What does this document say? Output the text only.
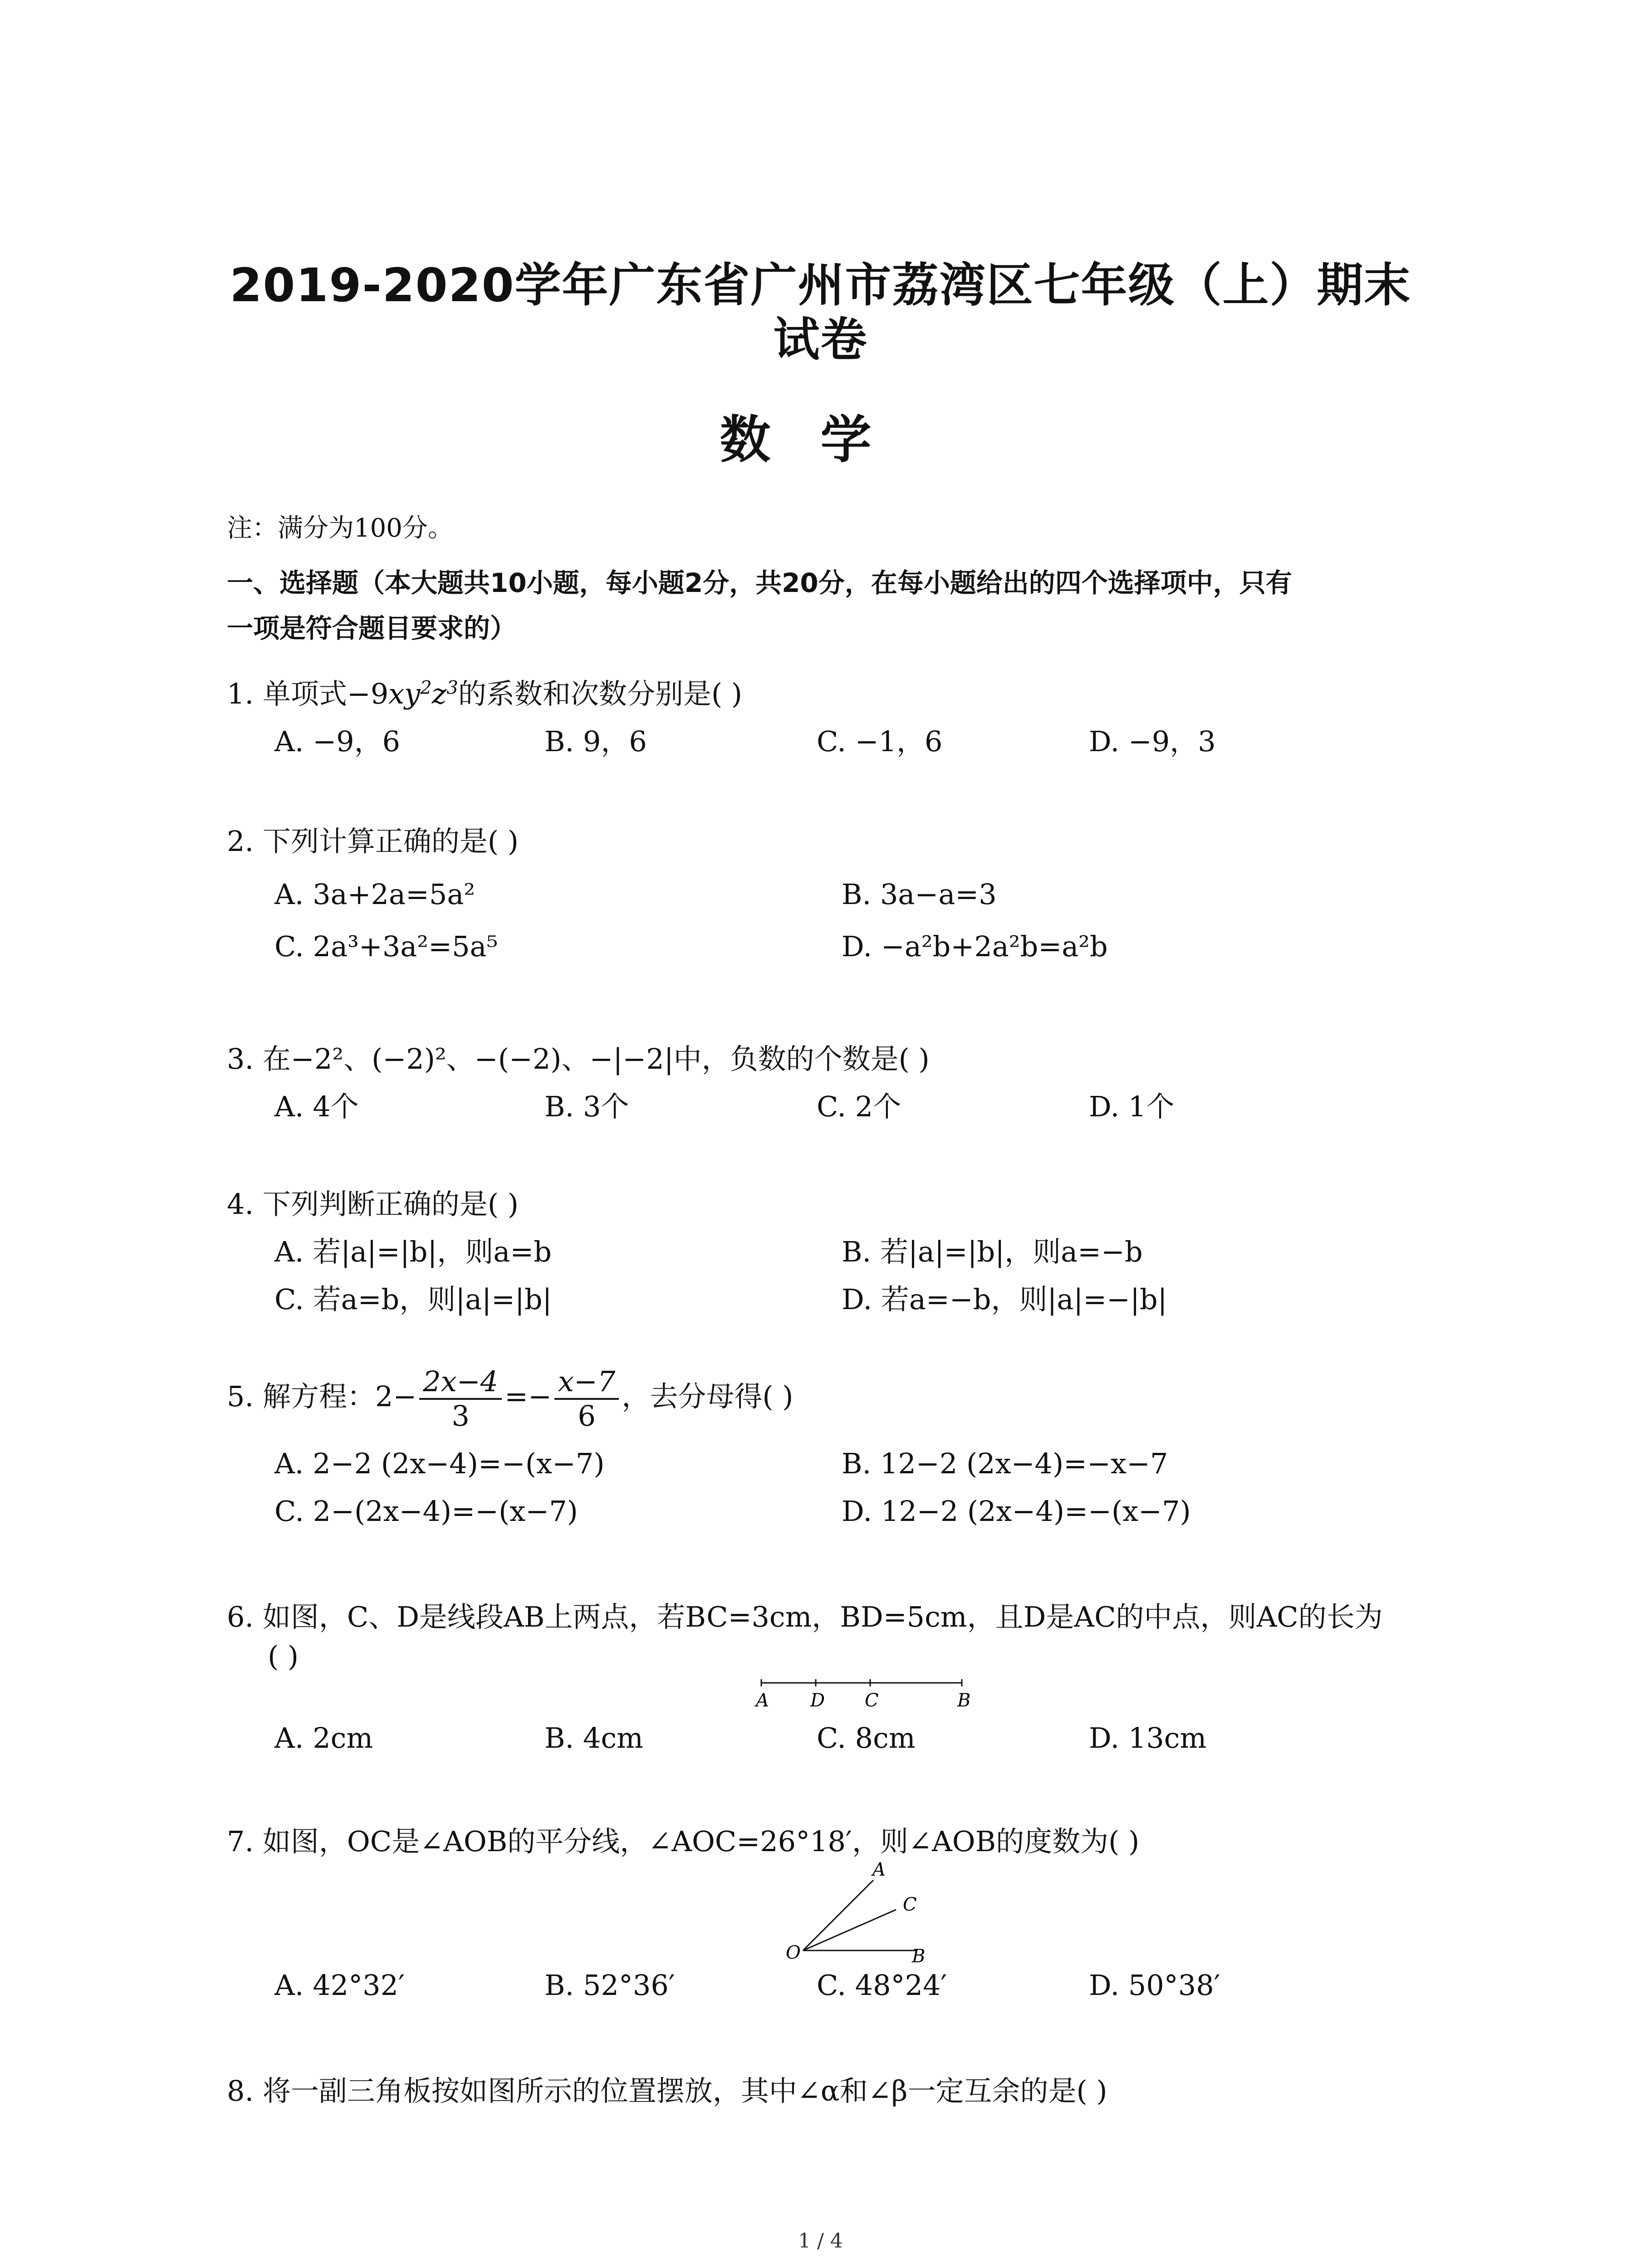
2019-2020学年广东省广州市荔湾区七年级（上）期末
试卷
数学
注：满分为100分。
一、选择题（本大题共10小题，每小题2分，共20分，在每小题给出的四个选择项中，只有
一项是符合题目要求的）
1. 单项式$-9xy^2z^3$的系数和次数分别是( )
A. −9，6	B. 9，6	C. −1，6	D. −9，3
2. 下列计算正确的是( )
A. 3a+2a=5a²	B. 3a−a=3
C. 2a³+3a²=5a⁵	D. −a²b+2a²b=a²b
3. 在−2²、(−2)²、−(−2)、−|−2|中，负数的个数是( )
A. 4个	B. 3个	C. 2个	D. 1个
4. 下列判断正确的是( )
A. 若|a|=|b|，则a=b	B. 若|a|=|b|，则a=−b
C. 若a=b，则|a|=|b|	D. 若a=−b，则|a|=−|b|
5. 解方程：$2- \frac{2x-4}{3} =- \frac{x-7}{6}$ ，去分母得( )
A. 2−2 (2x−4)=−(x−7)	B. 12−2 (2x−4)=−x−7
C. 2−(2x−4)=−(x−7)	D. 12−2 (2x−4)=−(x−7)
6. 如图，C、D是线段AB上两点，若BC=3cm，BD=5cm，且D是AC的中点，则AC的长为
( )
A D C	B
A. 2cm	B. 4cm	C. 8cm	D. 13cm
7. 如图，OC是∠AOB的平分线，∠AOC=26°18′，则∠AOB的度数为( )
A
C
O	B
A. 42°32′	B. 52°36′	C. 48°24′	D. 50°38′
8. 将一副三角板按如图所示的位置摆放，其中∠α和∠β一定互余的是( )
1 / 4
